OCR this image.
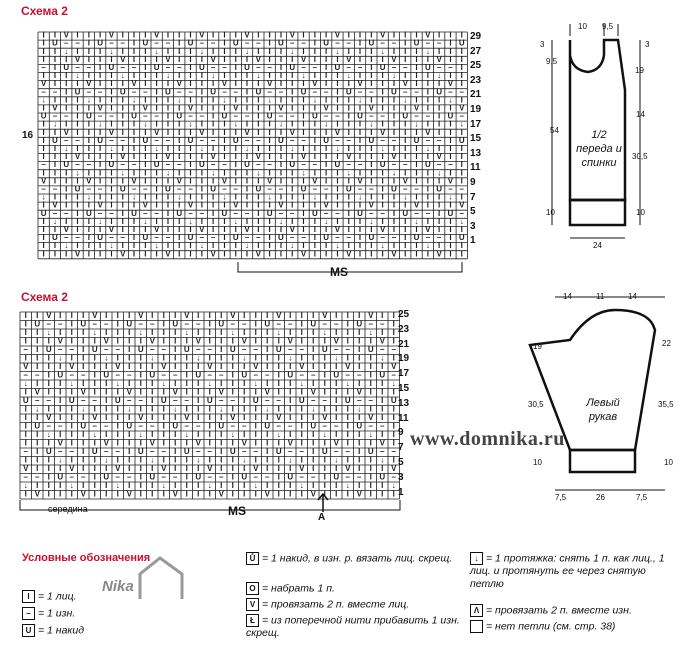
Схема 2
16
I I V I I I V I I I V I I I V I I I V I I I V I I I V I I I V I I I V I I I
I U – – I U – – I U – – I U – – I U – – I U – – I U – – I U – – I U – – I U
I I ↓ I I I ↓ I I I ↓ I I I ↓ I I I ↓ I I I ↓ I I I ↓ I I I ↓ I I I ↓ I I I
I I I V I I I V I I I V I I I V I I I V I I I V I I I V I I I V I I I V I I
– I U – – I U – – I U – – I U – – I U – – I U – – I U – – I U – – I U – – I
I I I ↓ I I I ↓ I I I ↓ I I I ↓ I I I ↓ I I I ↓ I I I ↓ I I I ↓ I I I ↓ I I
V I I I V I I I V I I I V I I I V I I I V I I I V I I I V I I I V I I I V I
– – I U – – I U – – I U – – I U – – I U – – I U – – I U – – I U – – I U – –
↓ I I I ↓ I I I ↓ I I I ↓ I I I ↓ I I I ↓ I I I ↓ I I I ↓ I I I ↓ I I I ↓ I
I V I I I V I I I V I I I V I I I V I I I V I I I V I I I V I I I V I I I V
U – – I U – – I U – – I U – – I U – – I U – – I U – – I U – – I U – – I U –
I ↓ I I I ↓ I I I ↓ I I I ↓ I I I ↓ I I I ↓ I I I ↓ I I I ↓ I I I ↓ I I I ↓
I I V I I I V I I I V I I I V I I I V I I I V I I I V I I I V I I I V I I I
I U – – I U – – I U – – I U – – I U – – I U – – I U – – I U – – I U – – I U
I I ↓ I I I ↓ I I I ↓ I I I ↓ I I I ↓ I I I ↓ I I I ↓ I I I ↓ I I I ↓ I I I
I I I V I I I V I I I V I I I V I I I V I I I V I I I V I I I V I I I V I I
– I U – – I U – – I U – – I U – – I U – – I U – – I U – – I U – – I U – – I
I I I ↓ I I I ↓ I I I ↓ I I I ↓ I I I ↓ I I I ↓ I I I ↓ I I I ↓ I I I ↓ I I
V I I I V I I I V I I I V I I I V I I I V I I I V I I I V I I I V I I I V I
– – I U – – I U – – I U – – I U – – I U – – I U – – I U – – I U – – I U – –
↓ I I I ↓ I I I ↓ I I I ↓ I I I ↓ I I I ↓ I I I ↓ I I I ↓ I I I ↓ I I I ↓ I
I V I I I V I I I V I I I V I I I V I I I V I I I V I I I V I I I V I I I V
U – – I U – – I U – – I U – – I U – – I U – – I U – – I U – – I U – – I U –
I ↓ I I I ↓ I I I ↓ I I I ↓ I I I ↓ I I I ↓ I I I ↓ I I I ↓ I I I ↓ I I I ↓
I I V I I I V I I I V I I I V I I I V I I I V I I I V I I I V I I I V I I I
I U – – I U – – I U – – I U – – I U – – I U – – I U – – I U – – I U – – I U
I I ↓ I I I ↓ I I I ↓ I I I ↓ I I I ↓ I I I ↓ I I I ↓ I I I ↓ I I I ↓ I I I
I I I V I I I V I I I V I I I V I I I V I I I V I I I V I I I V I I I V I I
29
27
25
23
21
19
17
15
13
11
9
7
5
3
1
MS
Схема 2
I I V I I I V I I I V I I I V I I I V I I I V I I I V I I I V I I
I U – – I U – – I U – – I U – – I U – – I U – – I U – – I U – – I
I I ↓ I I I ↓ I I I ↓ I I I ↓ I I I ↓ I I I ↓ I I I ↓ I I I ↓ I I
I I I V I I I V I I I V I I I V I I I V I I I V I I I V I I I V I
– I U – – I U – – I U – – I U – – I U – – I U – – I U – – I U – –
I I I ↓ I I I ↓ I I I ↓ I I I ↓ I I I ↓ I I I ↓ I I I ↓ I I I ↓ I
V I I I V I I I V I I I V I I I V I I I V I I I V I I I V I I I V
– – I U – – I U – – I U – – I U – – I U – – I U – – I U – – I U –
↓ I I I ↓ I I I ↓ I I I ↓ I I I ↓ I I I ↓ I I I ↓ I I I ↓ I I I ↓
I V I I I V I I I V I I I V I I I V I I I V I I I V I I I V I I I
U – – I U – – I U – – I U – – I U – – I U – – I U – – I U – – I U
I ↓ I I I ↓ I I I ↓ I I I ↓ I I I ↓ I I I ↓ I I I ↓ I I I ↓ I I I
I I V I I I V I I I V I I I V I I I V I I I V I I I V I I I V I I
I U – – I U – – I U – – I U – – I U – – I U – – I U – – I U – – I
I I ↓ I I I ↓ I I I ↓ I I I ↓ I I I ↓ I I I ↓ I I I ↓ I I I ↓ I I
I I I V I I I V I I I V I I I V I I I V I I I V I I I V I I I V I
– I U – – I U – – I U – – I U – – I U – – I U – – I U – – I U – –
I I I ↓ I I I ↓ I I I ↓ I I I ↓ I I I ↓ I I I ↓ I I I ↓ I I I ↓ I
V I I I V I I I V I I I V I I I V I I I V I I I V I I I V I I I V
– – I U – – I U – – I U – – I U – – I U – – I U – – I U – – I U –
↓ I I I ↓ I I I ↓ I I I ↓ I I I ↓ I I I ↓ I I I ↓ I I I ↓ I I I ↓
I V I I I V I I I V I I I V I I I V I I I V I I I V I I I V I I I
25
23
21
19
17
15
13
11
9
7
5
3
1
середина	MS	A
10 9,5
3
9,5
54
10
3
19
14
30,5
10
24
1/2 переда и спинки
14	11	14
19
30,5
10
22
35,5
10
7,5	26	7,5
Левый рукав
www.domnika.ru
Условные обозначения
Nika
I = 1 лиц.
– = 1 изн.
U = 1 накид
Ů = 1 накид, в изн. р. вязать лиц. скрещ.
O = набрать 1 п.
V = провязать 2 п. вместе лиц.
Ł = из поперечной нити прибавить 1 изн. скрещ.
↓ = 1 протяжка: снять 1 п. как лиц., 1 лиц. и протянуть ее через снятую петлю
Λ = провязать 2 п. вместе изн.
= нет петли (см. стр. 38)
